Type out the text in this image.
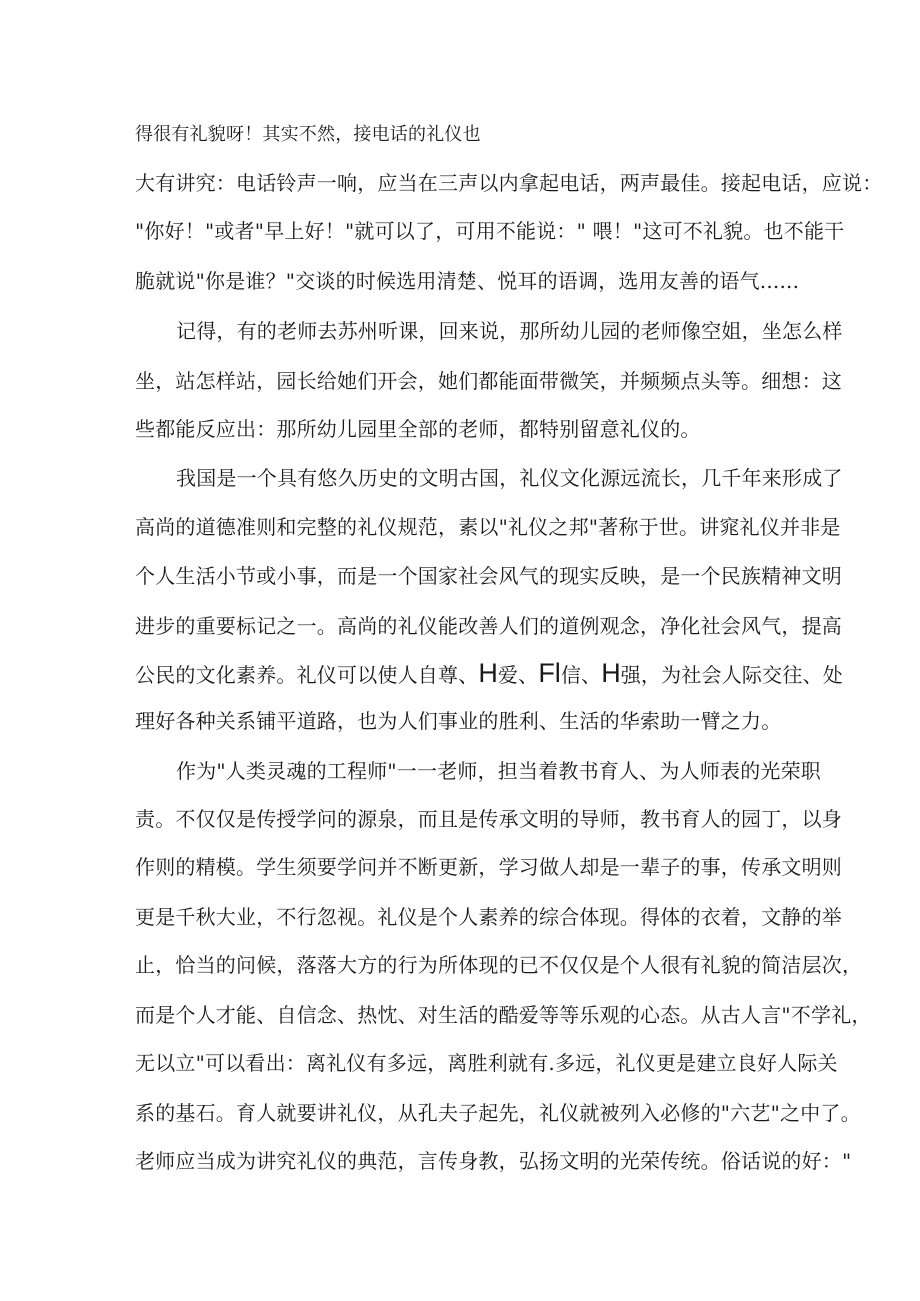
得很有礼貌呀！其实不然，接电话的礼仪也
大有讲究：电话铃声一响，应当在三声以内拿起电话，两声最佳。接起电话，应说：
"你好！"或者"早上好！"就可以了，可用不能说：" 喂！"这可不礼貌。也不能干
脆就说"你是谁？"交谈的时候选用清楚、悦耳的语调，选用友善的语气......
记得，有的老师去苏州听课，回来说，那所幼儿园的老师像空姐，坐怎么样
坐，站怎样站，园长给她们开会，她们都能面带微笑，并频频点头等。细想：这
些都能反应出：那所幼儿园里全部的老师，都特别留意礼仪的。
我国是一个具有悠久历史的文明古国，礼仪文化源远流长，几千年来形成了
高尚的道德准则和完整的礼仪规范，素以"礼仪之邦"著称于世。讲窕礼仪并非是
个人生活小节或小事，而是一个国家社会风气的现实反映，是一个民族精神文明
进步的重要标记之一。高尚的礼仪能改善人们的道例观念，净化社会风气，提高
公民的文化素养。礼仪可以使人自尊、H爱、Fl信、H强，为社会人际交往、处
理好各种关系铺平道路，也为人们事业的胜利、生活的华索助一臂之力。
作为"人类灵魂的工程师"一一老师，担当着教书育人、为人师表的光荣职
责。不仅仅是传授学问的源泉，而且是传承文明的导师，教书育人的园丁，以身
作则的精模。学生须要学问并不断更新，学习做人却是一辈子的事，传承文明则
更是千秋大业，不行忽视。礼仪是个人素养的综合体现。得体的衣着，文静的举
止，恰当的问候，落落大方的行为所体现的已不仅仅是个人很有礼貌的简洁层次，
而是个人才能、自信念、热忱、对生活的酷爱等等乐观的心态。从古人言"不学礼，
无以立"可以看出：离礼仪有多远，离胜利就有.多远，礼仪更是建立良好人际关
系的基石。育人就要讲礼仪，从孔夫子起先，礼仪就被列入必修的"六艺"之中了。
老师应当成为讲究礼仪的典范，言传身教，弘扬文明的光荣传统。俗话说的好："
